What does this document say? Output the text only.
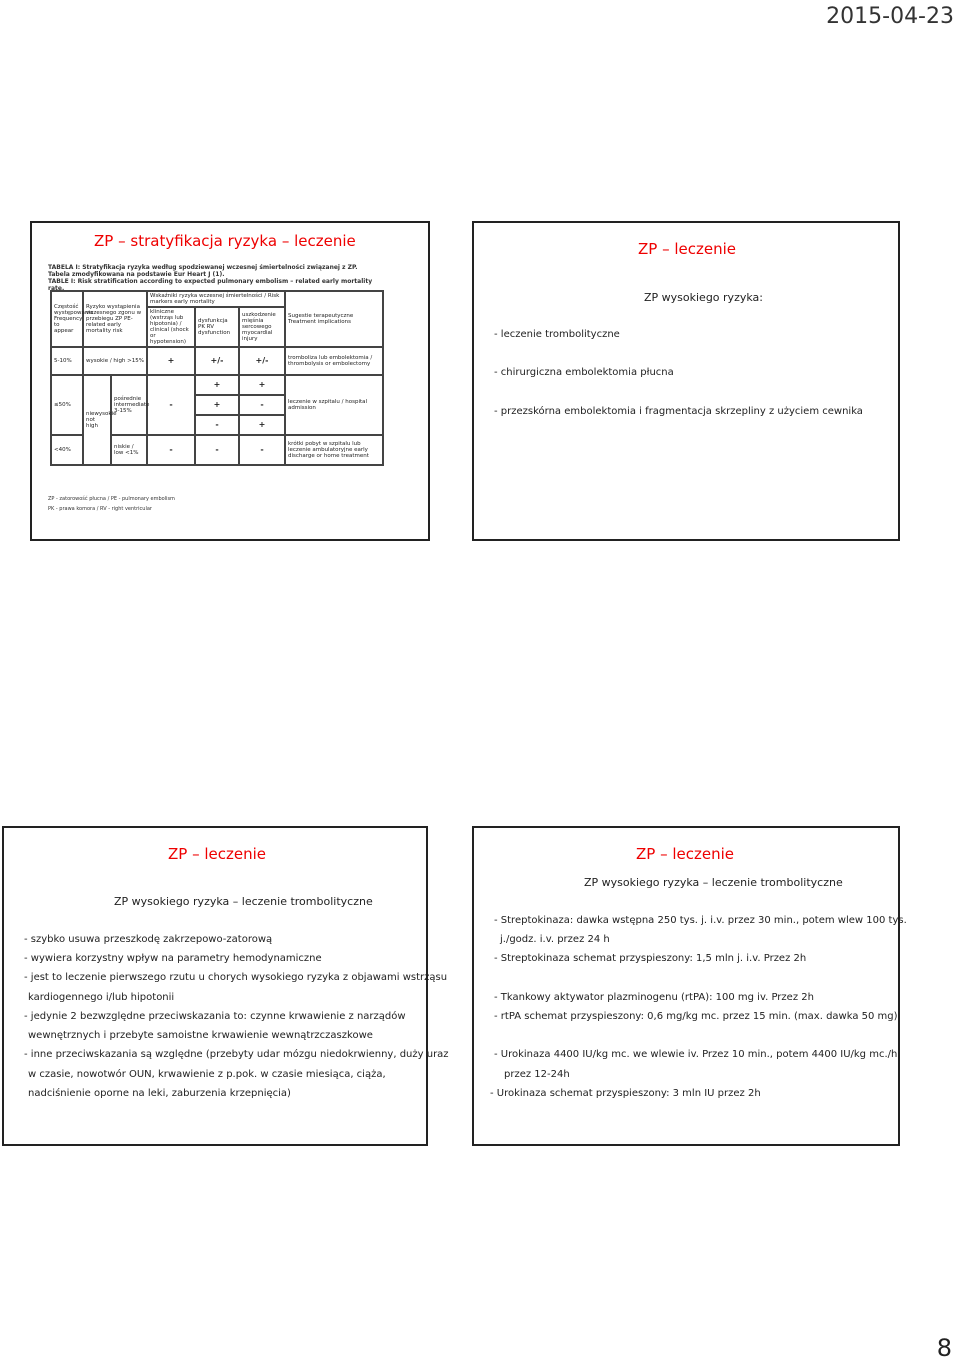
2015-04-23
ZP – stratyfikacja ryzyka – leczenie
TABELA I: Stratyfikacja ryzyka według spodziewanej wczesnej śmiertelności związanej z ZP. Tabela zmodyfikowana na podstawie Eur Heart J (1).
TABLE I: Risk stratification according to expected pulmonary embolism – related early mortality rate.
Częstość występowania Frequency to appear	Ryzyko wystąpienia wczesnego zgonu w przebiegu ZP PE-related early mortality risk		Wskaźniki ryzyka wczesnej śmiertelności / Risk markers early mortality			Sugestie terapeutyczne Treatment implications
			kliniczne (wstrząs lub hipotonia) / clinical (shock or hypotension)	dysfunkcja PK RV dysfunction	uszkodzenie mięśnia sercowego myocardial injury	
5-10%	wysokie / high >15%		+	+/-	+/-	tromboliza lub embolektomia / thrombolysis or embolectomy
≤50%	niewysokie not high	pośrednie intermediate 3-15%	-	+	+	leczenie w szpitalu / hospital admission
				+	-	
				-	+	
<40%		niskie / low <1%	-	-	-	krótki pobyt w szpitalu lub leczenie ambulatoryjne early discharge or home treatment
ZP - zatorowość płucna / PE - pulmonary embolism
PK - prawa komora / RV - right ventricular
ZP – leczenie
ZP wysokiego ryzyka:
- leczenie trombolityczne
- chirurgiczna embolektomia płucna
- przezskórna embolektomia i fragmentacja skrzepliny z użyciem cewnika
ZP – leczenie
ZP wysokiego ryzyka – leczenie trombolityczne
- szybko usuwa przeszkodę zakrzepowo-zatorową
- wywiera korzystny wpływ na parametry hemodynamiczne
- jest to leczenie pierwszego rzutu u chorych wysokiego ryzyka z objawami wstrząsu
kardiogennego i/lub hipotonii
- jedynie 2 bezwzględne przeciwskazania to: czynne krwawienie z narządów
wewnętrznych i przebyte samoistne krwawienie wewnątrzczaszkowe
- inne przeciwskazania są względne (przebyty udar mózgu niedokrwienny, duży uraz
w czasie, nowotwór OUN, krwawienie z p.pok. w czasie miesiąca, ciąża,
nadciśnienie oporne na leki, zaburzenia krzepnięcia)
ZP – leczenie
ZP wysokiego ryzyka – leczenie trombolityczne
- Streptokinaza: dawka wstępna 250 tys. j. i.v. przez 30 min., potem wlew 100 tys.
j./godz. i.v. przez 24 h
- Streptokinaza schemat przyspieszony: 1,5 mln j. i.v. Przez 2h
- Tkankowy aktywator plazminogenu (rtPA): 100 mg iv. Przez 2h
- rtPA schemat przyspieszony: 0,6 mg/kg mc. przez 15 min. (max. dawka 50 mg)
- Urokinaza 4400 IU/kg mc. we wlewie iv. Przez 10 min., potem 4400 IU/kg mc./h
przez 12-24h
- Urokinaza schemat przyspieszony: 3 mln IU przez 2h
8
